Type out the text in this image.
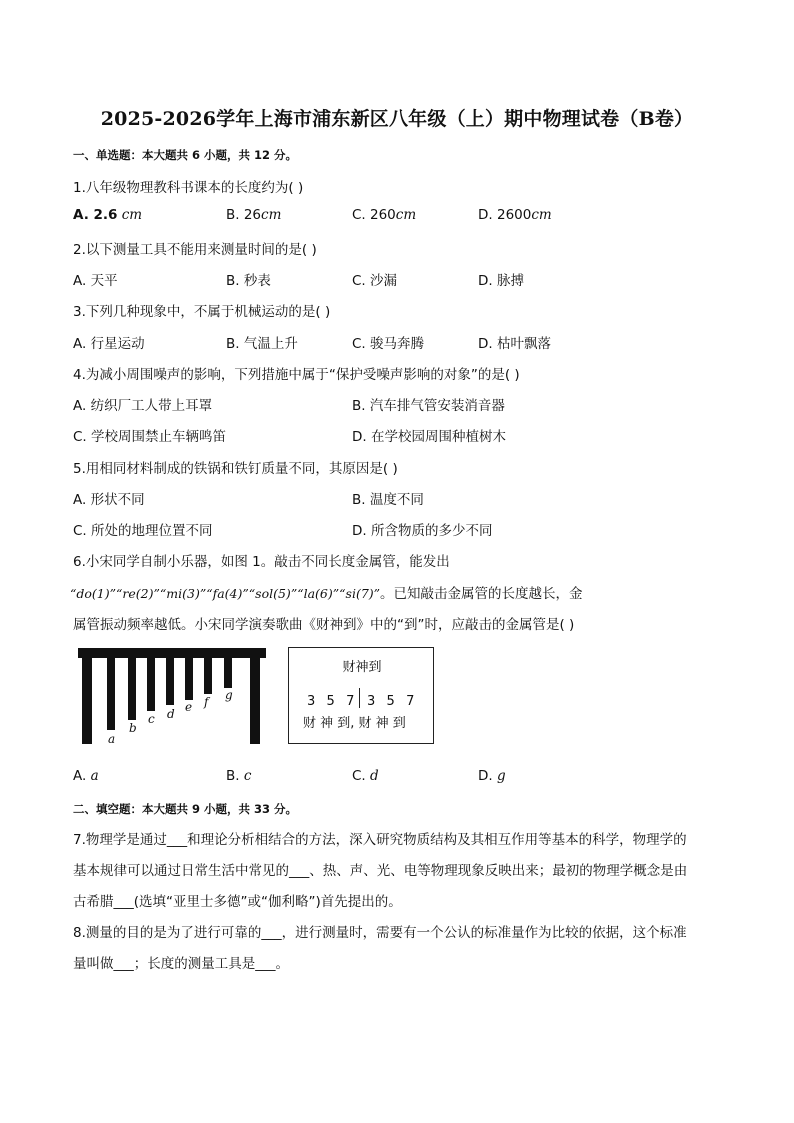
2025-2026学年上海市浦东新区八年级（上）期中物理试卷（B卷）
一、单选题：本大题共 6 小题，共 12 分。
1.八年级物理教科书课本的长度约为( )
A. 2.6 cm	B. 26cm	C. 260cm	D. 2600cm
2.以下测量工具不能用来测量时间的是( )
A. 天平	B. 秒表	C. 沙漏	D. 脉搏
3.下列几种现象中，不属于机械运动的是( )
A. 行星运动	B. 气温上升	C. 骏马奔腾	D. 枯叶飘落
4.为减小周围噪声的影响，下列措施中属于“保护受噪声影响的对象”的是( )
A. 纺织厂工人带上耳罩	B. 汽车排气管安装消音器
C. 学校周围禁止车辆鸣笛	D. 在学校园周围种植树木
5.用相同材料制成的铁锅和铁钉质量不同，其原因是( )
A. 形状不同	B. 温度不同
C. 所处的地理位置不同	D. 所含物质的多少不同
6.小宋同学自制小乐器，如图 1。敲击不同长度金属管，能发出
“do(1)”“re(2)”“mi(3)”“fa(4)”“sol(5)”“la(6)”“si(7)”。已知敲击金属管的长度越长，金
属管振动频率越低。小宋同学演奏歌曲《财神到》中的“到”时，应敲击的金属管是( )
a
b
c d e f g
财神到
3  5  7 3  5  7
财 神 到, 财 神 到
A. a	B. c	C. d	D. g
二、填空题：本大题共 9 小题，共 33 分。
7.物理学是通过___和理论分析相结合的方法，深入研究物质结构及其相互作用等基本的科学，物理学的
基本规律可以通过日常生活中常见的___、热、声、光、电等物理现象反映出来；最初的物理学概念是由
古希腊___(选填“亚里士多德”或“伽利略”)首先提出的。
8.测量的目的是为了进行可靠的___，进行测量时，需要有一个公认的标准量作为比较的依据，这个标准
量叫做___；长度的测量工具是___。
